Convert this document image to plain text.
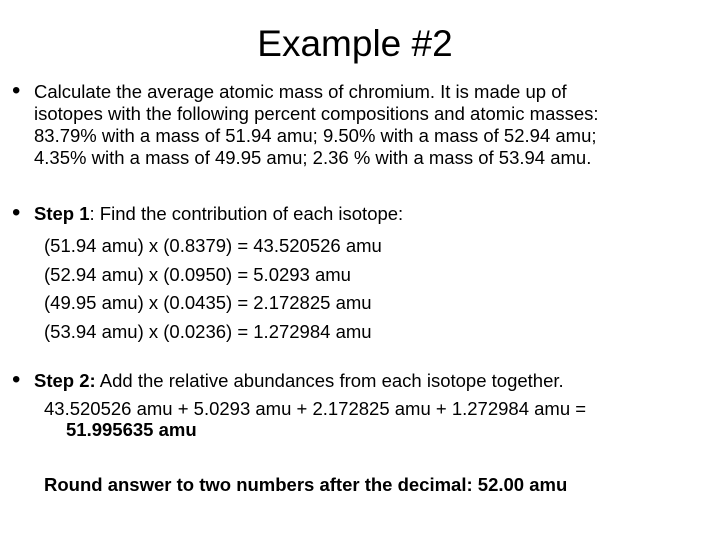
Example #2
• Calculate the average atomic mass of chromium. It is made up of
isotopes with the following percent compositions and atomic masses:
83.79% with a mass of 51.94 amu; 9.50% with a mass of 52.94 amu;
4.35% with a mass of 49.95 amu; 2.36 % with a mass of 53.94 amu.
• Step 1: Find the contribution of each isotope:
(51.94 amu) x (0.8379) = 43.520526 amu
(52.94 amu) x (0.0950) = 5.0293 amu
(49.95 amu) x (0.0435) = 2.172825 amu
(53.94 amu) x (0.0236) = 1.272984 amu
• Step 2: Add the relative abundances from each isotope together.
43.520526 amu + 5.0293 amu + 2.172825 amu + 1.272984 amu =
51.995635 amu
Round answer to two numbers after the decimal: 52.00 amu
